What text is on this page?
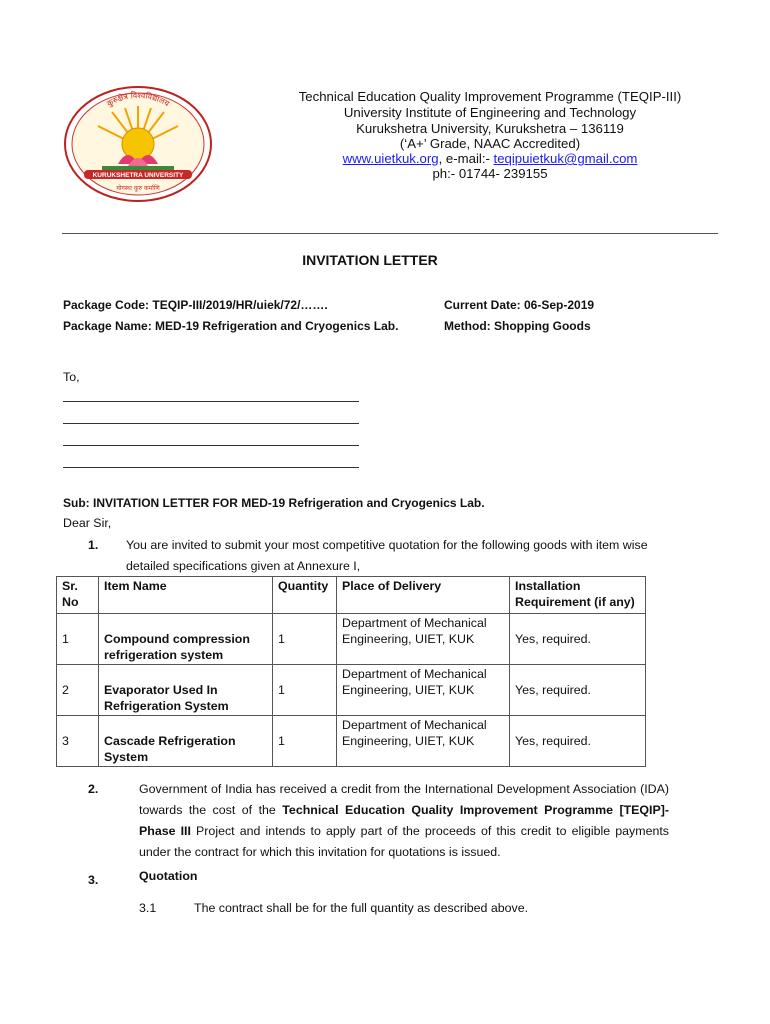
कुरुक्षेत्र विश्वविद्यालय
KURUKSHETRA UNIVERSITY
योगस्थः कुरु कर्माणि
Technical Education Quality Improvement Programme (TEQIP-III)
University Institute of Engineering and Technology
Kurukshetra University, Kurukshetra – 136119
(‘A+’ Grade, NAAC Accredited)
www.uietkuk.org, e-mail:- teqipuietkuk@gmail.com
ph:- 01744- 239155
INVITATION LETTER
Package Code: TEQIP-III/2019/HR/uiek/72/…….	Current Date: 06-Sep-2019
Package Name: MED-19 Refrigeration and Cryogenics Lab.	Method: Shopping Goods
To,
Sub: INVITATION LETTER FOR MED-19 Refrigeration and Cryogenics Lab.
Dear Sir,
1. You are invited to submit your most competitive quotation for the following goods with item wise
detailed specifications given at Annexure I,
Sr.
No	Item Name	Quantity	Place of Delivery	Installation
Requirement (if any)
1	Compound compression
refrigeration system	1	Department of Mechanical
Engineering, UIET, KUK	Yes, required.
2	Evaporator Used In
Refrigeration System	1	Department of Mechanical
Engineering, UIET, KUK	Yes, required.
3	Cascade Refrigeration
System	1	Department of Mechanical
Engineering, UIET, KUK	Yes, required.
2.	Government of India has received a credit from the International Development Association (IDA) towards the cost of the Technical Education Quality Improvement Programme [TEQIP]-Phase III Project and intends to apply part of the proceeds of this credit to eligible payments under the contract for which this invitation for quotations is issued.
3.	Quotation
3.1	The contract shall be for the full quantity as described above.
